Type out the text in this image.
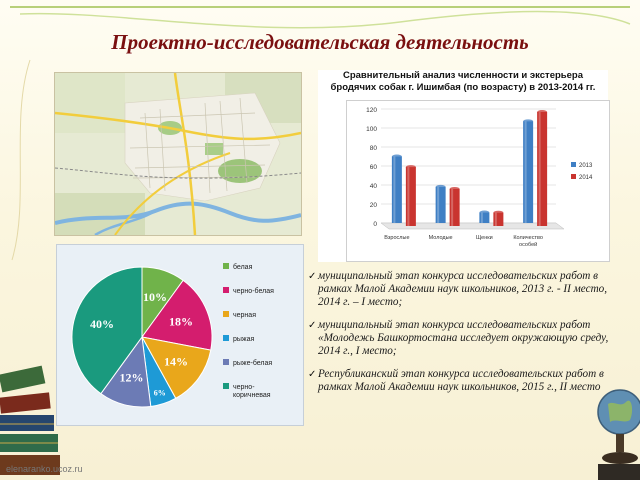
Проектно-исследовательская деятельность
Сравнительный анализ численности и экстерьера
бродячих собак г. Ишимбая (по возрасту) в 2013-2014 гг.
0
20
40
60
80
100
120
Взрослые	Молодые	Щенки	Количество
особей
2013
2014
10%
18%
14%
6%
12%
40%
белая
черно-белая
черная
рыжая
рыже-белая
черно-
коричневая
✓ муниципальный этап конкурса исследовательских работ в рамках Малой Академии наук школьников, 2013 г. - II место,
2014 г. – I место;
✓ муниципальный этап конкурса исследовательских работ «Молодежь Башкортостана исследует окружающую среду, 2014 г., I место;
✓ Республиканский этап конкурса исследовательских работ в рамках Малой Академии наук школьников, 2015 г., II место
elenaranko.ucoz.ru
